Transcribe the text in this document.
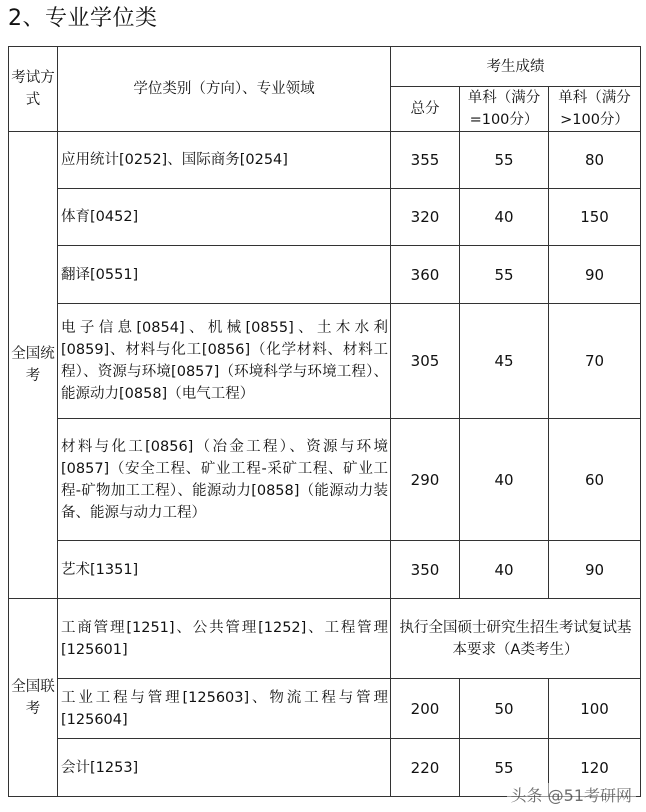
2、专业学位类
考试方式	学位类别（方向）、专业领域	考生成绩		
		总分	单科（满分=100分）	单科（满分>100分）
全国统考	应用统计[0252]、国际商务[0254]	355	55	80
	体育[0452]	320	40	150
	翻译[0551]	360	55	90
	电子信息[0854]、机械[0855]、土木水利[0859]、材料与化工[0856]（化学材料、材料工程）、资源与环境[0857]（环境科学与环境工程）、能源动力[0858]（电气工程）	305	45	70
	材料与化工[0856]（冶金工程）、资源与环境[0857]（安全工程、矿业工程-采矿工程、矿业工程-矿物加工工程）、能源动力[0858]（能源动力装备、能源与动力工程）	290	40	60
	艺术[1351]	350	40	90
全国联考	工商管理[1251]、公共管理[1252]、工程管理[125601]	执行全国硕士研究生招生考试复试基本要求（A类考生）		
	工业工程与管理[125603]、物流工程与管理[125604]	200	50	100
	会计[1253]	220	55	120
头条 @51考研网
